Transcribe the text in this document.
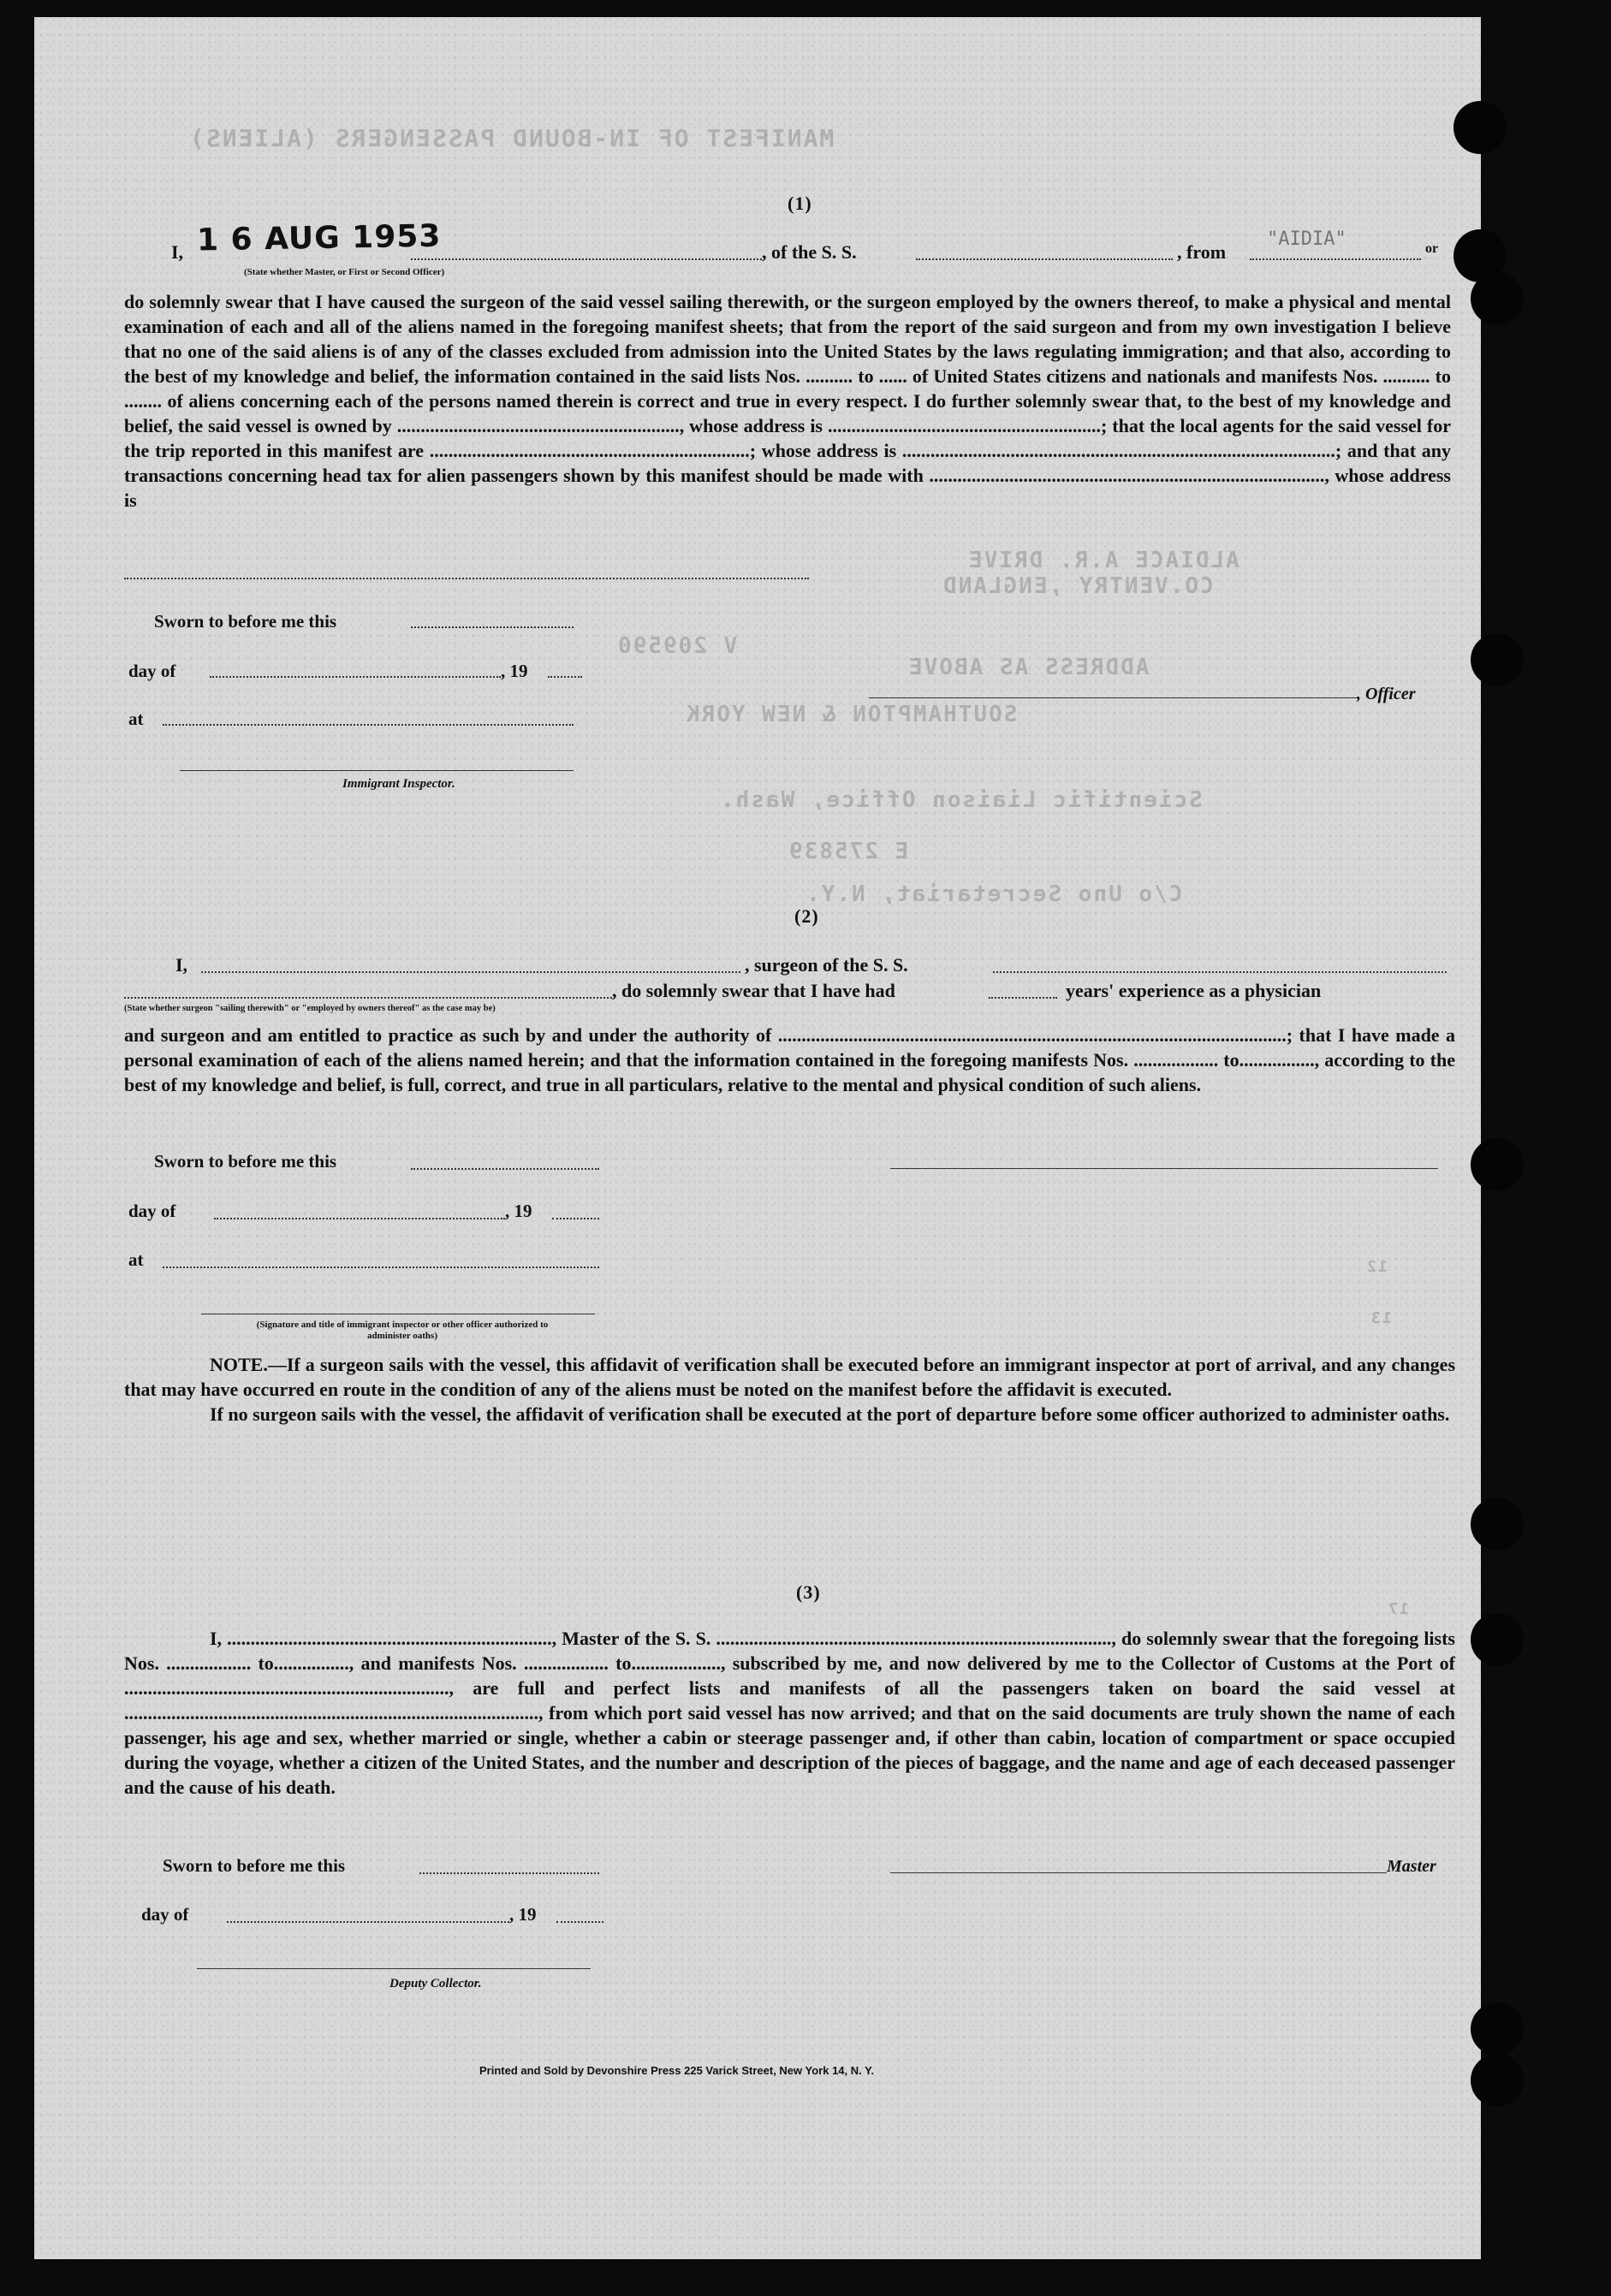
MANIFEST OF IN-BOUND PASSENGERS (ALIENS)
(1)
1 6 AUG 1953
I,	, of the S. S.	, from
"AIDIA"	or
(State whether Master, or First or Second Officer)

do solemnly swear that I have caused the surgeon of the said vessel sailing therewith, or the surgeon employed by the owners thereof, to make a physical and mental examination of each and all of the aliens named in the foregoing manifest sheets; that from the report of the said surgeon and from my own investigation I believe that no one of the said aliens is of any of the classes excluded from admission into the United States by the laws regulating immigration; and that also, according to the best of my knowledge and belief, the information contained in the said lists Nos. .......... to ...... of United States citizens and nationals and manifests Nos. .......... to ........ of aliens concerning each of the persons named therein is correct and true in every respect. I do further solemnly swear that, to the best of my knowledge and belief, the said vessel is owned by ............................................................, whose address is ..........................................................; that the local agents for the said vessel for the trip reported in this manifest are ....................................................................; whose address is ............................................................................................; and that any transactions concerning head tax for alien passengers shown by this manifest should be made with ...................................................................................., whose address is

Sworn to before me this
day of	, 19
at
Immigrant Inspector.
, Officer
ALDIACE A.R. DRIVE
CO.VENTRY ,ENGLAND
V 209590
ADDRESS AS ABOVE
SOUTHAMPTON & NEW YORK
Scientific Liaison Office, Wash.
E 275839
C/o Uno Secretariat, N.Y.
(2)
I,	, surgeon of the S. S.
, do solemnly swear that I have had	years' experience as a physician
(State whether surgeon "sailing therewith" or "employed by owners thereof" as the case may be)

and surgeon and am entitled to practice as such by and under the authority of ............................................................................................................; that I have made a personal examination of each of the aliens named herein; and that the information contained in the foregoing manifests Nos. .................. to................, according to the best of my knowledge and belief, is full, correct, and true in all particulars, relative to the mental and physical condition of such aliens.

Sworn to before me this
day of	, 19
at
(Signature and title of immigrant inspector or other officer authorized to administer oaths)

NOTE.—If a surgeon sails with the vessel, this affidavit of verification shall be executed before an immigrant inspector at port of arrival, and any changes that may have occurred en route in the condition of any of the aliens must be noted on the manifest before the affidavit is executed.

If no surgeon sails with the vessel, the affidavit of verification shall be executed at the port of departure before some officer authorized to administer oaths.

(3)

I, ....................................................................., Master of the S. S. ...................................................................................., do solemnly swear that the foregoing lists Nos. .................. to................, and manifests Nos. .................. to..................., subscribed by me, and now delivered by me to the Collector of Customs at the Port of ....................................................................., are full and perfect lists and manifests of all the passengers taken on board the said vessel at ........................................................................................, from which port said vessel has now arrived; and that on the said documents are truly shown the name of each passenger, his age and sex, whether married or single, whether a cabin or steerage passenger and, if other than cabin, location of compartment or space occupied during the voyage, whether a citizen of the United States, and the number and description of the pieces of baggage, and the name and age of each deceased passenger and the cause of his death.

Sworn to before me this	Master
day of	, 19
Deputy Collector.
Printed and Sold by Devonshire Press 225 Varick Street, New York 14, N. Y.
12
13
17
